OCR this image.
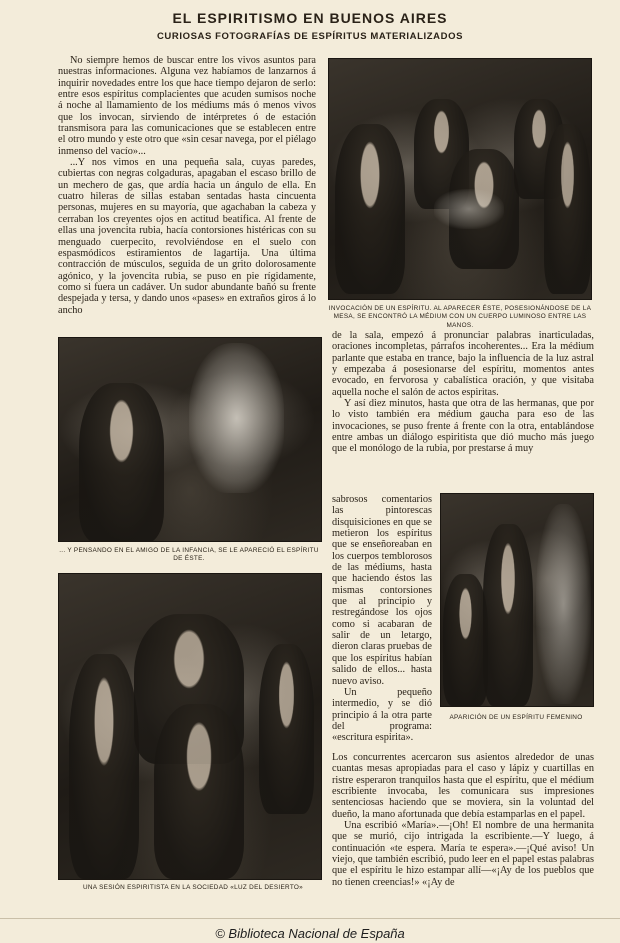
EL ESPIRITISMO EN BUENOS AIRES
CURIOSAS FOTOGRAFÍAS DE ESPÍRITUS MATERIALIZADOS

No siempre hemos de buscar entre los vivos asuntos para nuestras informaciones. Alguna vez habíamos de lanzarnos á inquirir novedades entre los que hace tiempo dejaron de serlo: entre esos espíritus complacientes que acuden sumisos noche á noche al llamamiento de los médiums más ó menos vivos que los invocan, sirviendo de intérpretes ó de estación transmisora para las comunicaciones que se establecen entre el otro mundo y este otro que «sin cesar navega, por el piélago inmenso del vacío»...

...Y nos vimos en una pequeña sala, cuyas paredes, cubiertas con negras colgaduras, apagaban el escaso brillo de un mechero de gas, que ardía hacia un ángulo de ella. En cuatro hileras de sillas estaban sentadas hasta cincuenta personas, mujeres en su mayoría, que agachaban la cabeza y cerraban los creyentes ojos en actitud beatífica. Al frente de ellas una jovencita rubia, hacía contorsiones histéricas con su menguado cuerpecito, revolviéndose en el suelo con espasmódicos estiramientos de lagartija. Una última contracción de músculos, seguida de un grito dolorosamente agónico, y la jovencita rubia, se puso en pie rígidamente, como si fuera un cadáver. Un sudor abundante bañó su frente despejada y tersa, y dando unos «pases» en extraños giros á lo ancho	INVOCACIÓN DE UN ESPÍRITU. AL APARECER ÉSTE, POSESIONÁNDOSE DE LA MESA, SE ENCONTRÓ LA MÉDIUM CON UN CUERPO LUMINOSO ENTRE LAS MANOS.
... Y PENSANDO EN EL AMIGO DE LA INFANCIA, SE LE APARECIÓ EL ESPÍRITU DE ÉSTE.

de la sala, empezó á pronunciar palabras inarticuladas, oraciones incompletas, párrafos incoherentes... Era la médium parlante que estaba en trance, bajo la influencia de la luz astral y empezaba á posesionarse del espíritu, momentos antes evocado, en fervorosa y cabalística oración, y que visitaba aquella noche el salón de actos espiritas.

Y así diez minutos, hasta que otra de las hermanas, que por lo visto también era médium gaucha para eso de las invocaciones, se puso frente á frente con la otra, entablándose entre ambas un diálogo espiritista que dió mucho más juego que el monólogo de la rubia, por prestarse á muy

sabrosos comentarios las pintorescas disquisiciones en que se metieron los espíritus que se enseñoreaban en los cuerpos temblorosos de las médiums, hasta que haciendo éstos las mismas contorsiones que al principio y restregándose los ojos como si acabaran de salir de un letargo, dieron claras pruebas de que los espíritus habían salido de ellos... hasta nuevo aviso.

Un pequeño intermedio, y se dió principio á la otra parte del programa: «escritura espirita».

APARICIÓN DE UN ESPÍRITU FEMENINO
UNA SESIÓN ESPIRITISTA EN LA SOCIEDAD «LUZ DEL DESIERTO»

Los concurrentes acercaron sus asientos alrededor de unas cuantas mesas apropiadas para el caso y lápiz y cuartillas en ristre esperaron tranquilos hasta que el espíritu, que el médium escribiente invocaba, les comunicara sus impresiones sentenciosas haciendo que se moviera, sin la voluntad del dueño, la mano afortunada que debía estamparlas en el papel.

Una escribió «María».—¡Oh! El nombre de una hermanita que se murió, cijo intrigada la escribiente.—Y luego, á continuación «te espera. María te espera».—¡Qué aviso! Un viejo, que también escribió, pudo leer en el papel estas palabras que el espíritu le hizo estampar allí—«¡Ay de los pueblos que no tienen creencias!» «¡Ay de

© Biblioteca Nacional de España
